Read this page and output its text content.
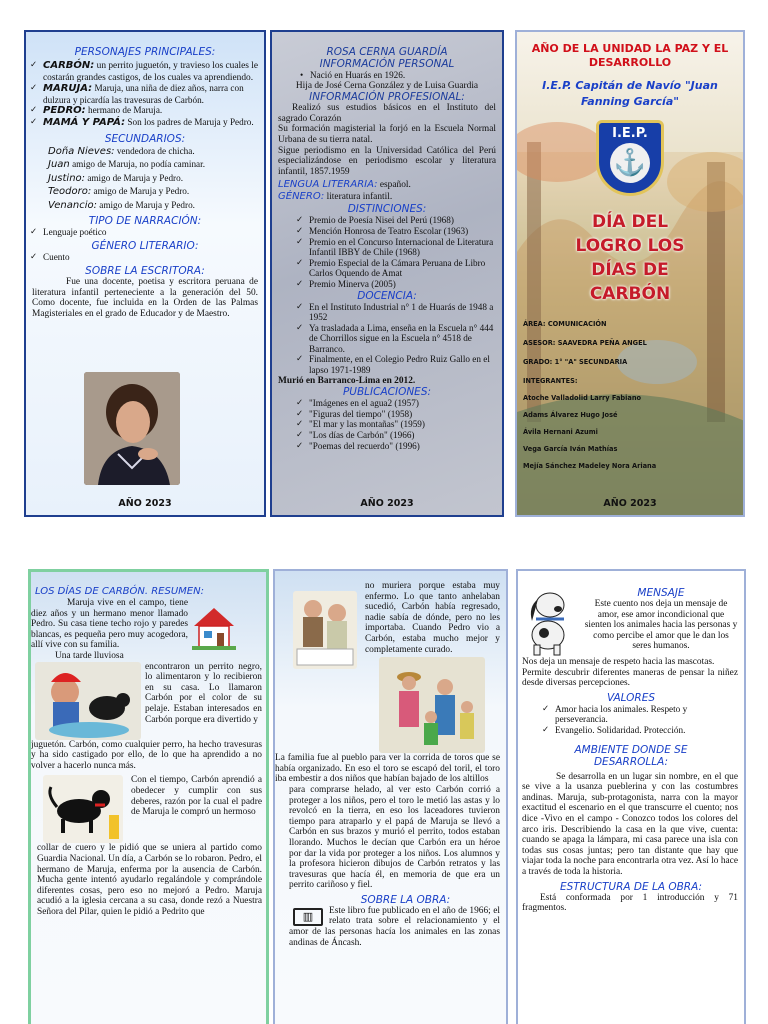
PERSONAJES PRINCIPALES:
✓ CARBÓN: un perrito juguetón, y travieso los cuales le costarán grandes castigos, de los cuales va aprendiendo.
✓ MARUJA: Maruja, una niña de diez años, narra con dulzura y picardía las travesuras de Carbón.
✓ PEDRO: hermano de Maruja.
✓ MAMÁ Y PAPÁ: Son los padres de Maruja y Pedro.
SECUNDARIOS:
Doña Nieves: vendedora de chicha.
Juan amigo de Maruja, no podía caminar.
Justino: amigo de Maruja y Pedro.
Teodoro: amigo de Maruja y Pedro.
Venancio: amigo de Maruja y Pedro.
TIPO DE NARRACIÓN:
✓ Lenguaje poético
GÉNERO LITERARIO:
✓ Cuento
SOBRE LA ESCRITORA:
Fue una docente, poetisa y escritora peruana de literatura infantil perteneciente a la generación del 50. Como docente, fue incluida en la Orden de las Palmas Magisteriales en el grado de Educador y de Maestro.
AÑO 2023
ROSA CERNA GUARDÍA
INFORMACIÓN PERSONAL
• Nació en Huarás en 1926.
Hija de José Cerna González y de Luisa Guardia
INFORMACIÓN PROFESIONAL:
Realizó sus estudios básicos en el Instituto del sagrado Corazón
Su formación magisterial la forjó en la Escuela Normal Urbana de su tierra natal.
Sigue periodismo en la Universidad Católica del Perú especializándose en periodismo escolar y literatura infantil, 1857.1959
LENGUA LITERARIA: español.
GÉNERO: literatura infantil.
DISTINCIONES:
✓ Premio de Poesía Nisei del Perú (1968)
✓ Mención Honrosa de Teatro Escolar (1963)
✓ Premio en el Concurso Internacional de Literatura Infantil IBBY de Chile (1968)
✓ Premio Especial de la Cámara Peruana de Libro Carlos Oquendo de Amat
✓ Premio Minerva (2005)
DOCENCIA:
✓ En el Instituto Industrial n° 1 de Huarás de 1948 a 1952
✓ Ya trasladada a Lima, enseña en la Escuela n° 444 de Chorrillos sigue en la Escuela n° 4518 de Barranco.
✓ Finalmente, en el Colegio Pedro Ruiz Gallo en el lapso 1971-1989
Murió en Barranco-Lima en 2012.
PUBLICACIONES:
✓ "Imágenes en el agua2 (1957)
✓ "Figuras del tiempo" (1958)
✓ "El mar y las montañas" (1959)
✓ "Los días de Carbón" (1966)
✓ "Poemas del recuerdo" (1996)
AÑO 2023
AÑO DE LA UNIDAD LA PAZ Y EL DESARROLLO
I.E.P. Capitán de Navío "Juan Fanning García"
I.E.P.
⚓
DÍA DEL LOGRO LOS DÍAS DE CARBÓN
ÁREA: COMUNICACIÓN
ASESOR: SAAVEDRA PEÑA ANGEL
GRADO: 1° "A" SECUNDARIA
INTEGRANTES:
Atoche Valladolid Larry Fabiano
Adams Álvarez Hugo José
Ávila Hernani Azumi
Vega García Iván Mathías
Mejía Sánchez Madeley Nora Ariana
AÑO 2023
LOS DÍAS DE CARBÓN. RESUMEN:
Maruja vive en el campo, tiene diez años y un hermano menor llamado Pedro. Su casa tiene techo rojo y paredes blancas, es pequeña pero muy acogedora, allí vive con su familia.
Una tarde lluviosa
encontraron un perrito negro, lo alimentaron y lo recibieron en su casa. Lo llamaron Carbón por el color de su pelaje. Estaban interesados en Carbón porque era divertido y
juguetón. Carbón, como cualquier perro, ha hecho travesuras y ha sido castigado por ello, de lo que ha aprendido a no volver a hacerlo nunca más.
Con el tiempo, Carbón aprendió a obedecer y cumplir con sus deberes, razón por la cual el padre de Maruja le compró un hermoso
collar de cuero y le pidió que se uniera al partido como Guardia Nacional. Un día, a Carbón se lo robaron. Pedro, el hermano de Maruja, enferma por la ausencia de Carbón. Mucha gente intentó ayudarlo regalándole y comprándole diferentes cosas, pero eso no mejoró a Pedro. Maruja acudió a la iglesia cercana a su casa, donde rezó a Nuestra Señora del Pilar, quien le pidió a Pedrito que
no muriera porque estaba muy enfermo. Lo que tanto anhelaban sucedió, Carbón había regresado, nadie sabía de dónde, pero no les importaba. Cuando Pedro vio a Carbón, estaba mucho mejor y completamente curado.
La familia fue al pueblo para ver la corrida de toros que se había organizado. En eso el toro se escapó del toril, el toro iba embestir a dos niños que habían bajado de los altillos
para comprarse helado, al ver esto Carbón corrió a proteger a los niños, pero el toro le metió las astas y lo revolcó en la tierra, en eso los laceadores tuvieron tiempo para atraparlo y el papá de Maruja se llevó a Carbón en sus brazos y murió el perrito, todos estaban llorando. Muchos le decían que Carbón era un héroe por dar la vida por proteger a los niños. Los alumnos y la profesora hicieron dibujos de Carbón retratos y las travesuras que hacía él, en memoria de que era un perrito cariñoso y fiel.
SOBRE LA OBRA:
▥	Este libro fue publicado en el año de 1966; el relato trata sobre el relacionamiento y el amor de las personas hacía los animales en las zonas andinas de Áncash.
MENSAJE
Este cuento nos deja un mensaje de amor, ese amor incondicional que sienten los animales hacia las personas y como percibe el amor que le dan los seres humanos.
Nos deja un mensaje de respeto hacia las mascotas.
Permite descubrir diferentes maneras de pensar la niñez desde diversas percepciones.
VALORES
✓ Amor hacia los animales. Respeto y perseverancia.
✓ Evangelio. Solidaridad. Protección.
AMBIENTE DONDE SE DESARROLLA:
Se desarrolla en un lugar sin nombre, en el que se vive a la usanza pueblerina y con las costumbres andinas. Maruja, sub-protagonista, narra con la mayor exactitud el escenario en el que transcurre el cuento; nos dice -Vivo en el campo - Conozco todos los colores del arco iris. Describiendo la casa en la que vive, cuenta: cuando se apaga la lámpara, mi casa parece una isla con todas sus cosas juntas; pero tan distante que hay que viajar toda la noche para encontrarla otra vez. Así lo hace a través de toda la historia.
ESTRUCTURA DE LA OBRA:
Está conformada por 1 introducción y 71 fragmentos.
